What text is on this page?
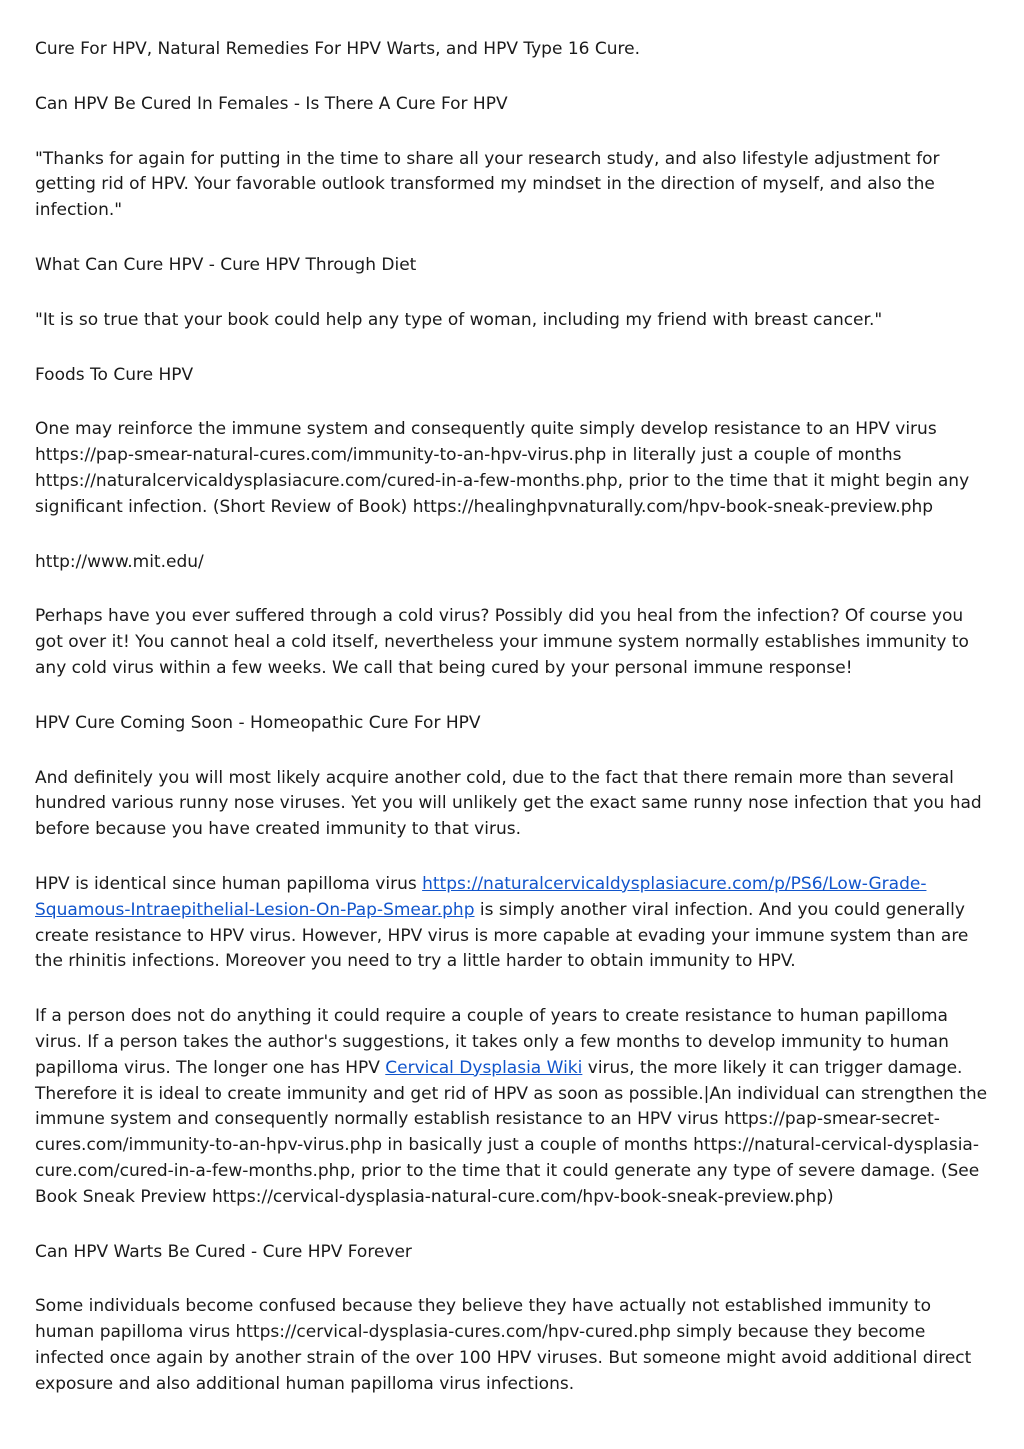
Cure For HPV, Natural Remedies For HPV Warts, and HPV Type 16 Cure.

Can HPV Be Cured In Females - Is There A Cure For HPV

"Thanks for again for putting in the time to share all your research study, and also lifestyle adjustment for getting rid of HPV. Your favorable outlook transformed my mindset in the direction of myself, and also the infection."

What Can Cure HPV - Cure HPV Through Diet

"It is so true that your book could help any type of woman, including my friend with breast cancer."

Foods To Cure HPV

One may reinforce the immune system and consequently quite simply develop resistance to an HPV virus https://pap-smear-natural-cures.com/immunity-to-an-hpv-virus.php in literally just a couple of months https://naturalcervicaldysplasiacure.com/cured-in-a-few-months.php, prior to the time that it might begin any significant infection. (Short Review of Book) https://healinghpvnaturally.com/hpv-book-sneak-preview.php

http://www.mit.edu/

Perhaps have you ever suffered through a cold virus? Possibly did you heal from the infection? Of course you got over it! You cannot heal a cold itself, nevertheless your immune system normally establishes immunity to any cold virus within a few weeks. We call that being cured by your personal immune response!

HPV Cure Coming Soon - Homeopathic Cure For HPV

And definitely you will most likely acquire another cold, due to the fact that there remain more than several hundred various runny nose viruses. Yet you will unlikely get the exact same runny nose infection that you had before because you have created immunity to that virus.

HPV is identical since human papilloma virus https://naturalcervicaldysplasiacure.com/p/PS6/Low-Grade-Squamous-Intraepithelial-Lesion-On-Pap-Smear.php is simply another viral infection. And you could generally create resistance to HPV virus. However, HPV virus is more capable at evading your immune system than are the rhinitis infections. Moreover you need to try a little harder to obtain immunity to HPV.

If a person does not do anything it could require a couple of years to create resistance to human papilloma virus. If a person takes the author's suggestions, it takes only a few months to develop immunity to human papilloma virus. The longer one has HPV Cervical Dysplasia Wiki virus, the more likely it can trigger damage. Therefore it is ideal to create immunity and get rid of HPV as soon as possible.|An individual can strengthen the immune system and consequently normally establish resistance to an HPV virus https://pap-smear-secret-cures.com/immunity-to-an-hpv-virus.php in basically just a couple of months https://natural-cervical-dysplasia-cure.com/cured-in-a-few-months.php, prior to the time that it could generate any type of severe damage. (See Book Sneak Preview https://cervical-dysplasia-natural-cure.com/hpv-book-sneak-preview.php)

Can HPV Warts Be Cured - Cure HPV Forever

Some individuals become confused because they believe they have actually not established immunity to human papilloma virus https://cervical-dysplasia-cures.com/hpv-cured.php simply because they become infected once again by another strain of the over 100 HPV viruses. But someone might avoid additional direct exposure and also additional human papilloma virus infections.
